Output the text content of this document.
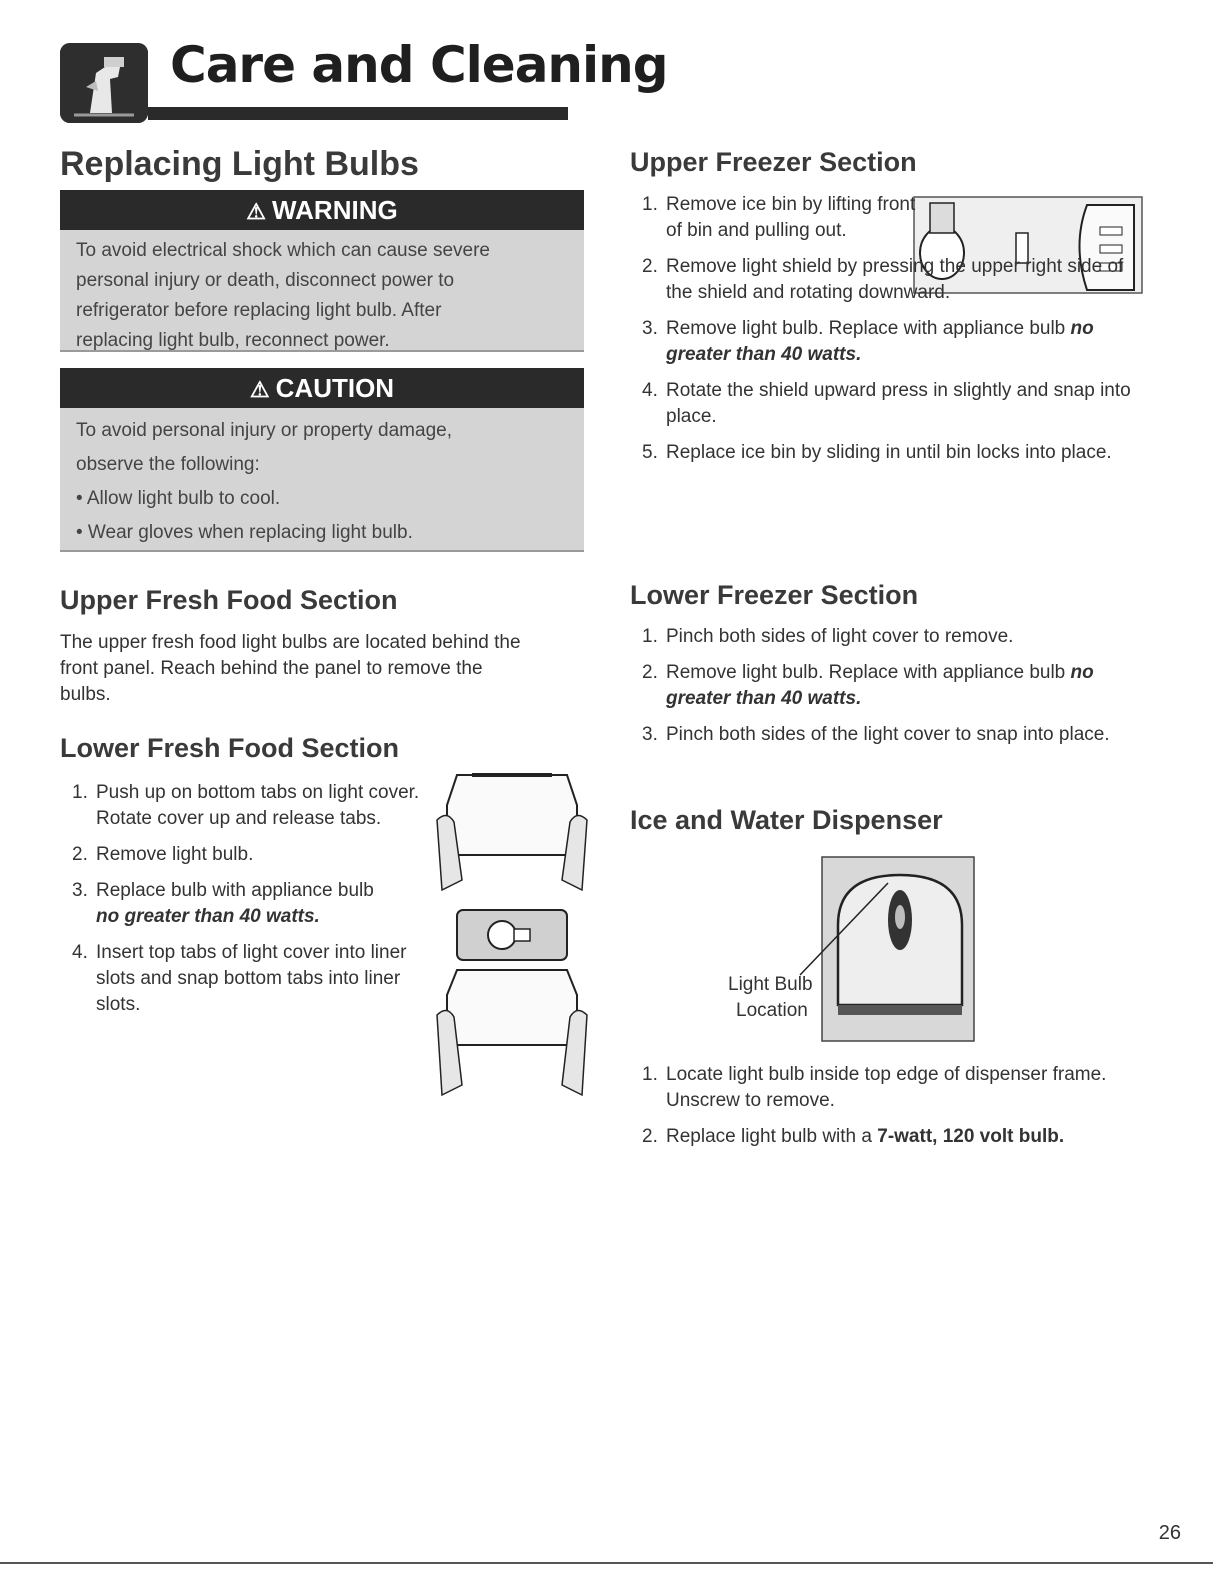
Care and Cleaning
Replacing Light Bulbs
⚠ WARNING
To avoid electrical shock which can cause severe
personal injury or death, disconnect power to
refrigerator before replacing light bulb. After
replacing light bulb, reconnect power.
⚠ CAUTION
To avoid personal injury or property damage,
observe the following:
• Allow light bulb to cool.
• Wear gloves when replacing light bulb.
Upper Fresh Food Section
The upper fresh food light bulbs are located behind the
front panel. Reach behind the panel to remove the
bulbs.
Lower Fresh Food Section
1. Push up on bottom tabs on light cover. Rotate cover up and release tabs.
2. Remove light bulb.
3. Replace bulb with appliance bulb
no greater than 40 watts.
4. Insert top tabs of light cover into liner slots and snap bottom tabs into liner slots.
Upper Freezer Section
1. Remove ice bin by lifting front of bin and pulling out.
2. Remove light shield by pressing the upper right side of the shield and rotating downward.
3. Remove light bulb. Replace with appliance bulb no greater than 40 watts.
4. Rotate the shield upward press in slightly and snap into place.
5. Replace ice bin by sliding in until bin locks into place.
Lower Freezer Section
1. Pinch both sides of light cover to remove.
2. Remove light bulb. Replace with appliance bulb no greater than 40 watts.
3. Pinch both sides of the light cover to snap into place.
Ice and Water Dispenser
Light Bulb
Location
1. Locate light bulb inside top edge of dispenser frame. Unscrew to remove.
2. Replace light bulb with a 7-watt, 120 volt bulb.
26
